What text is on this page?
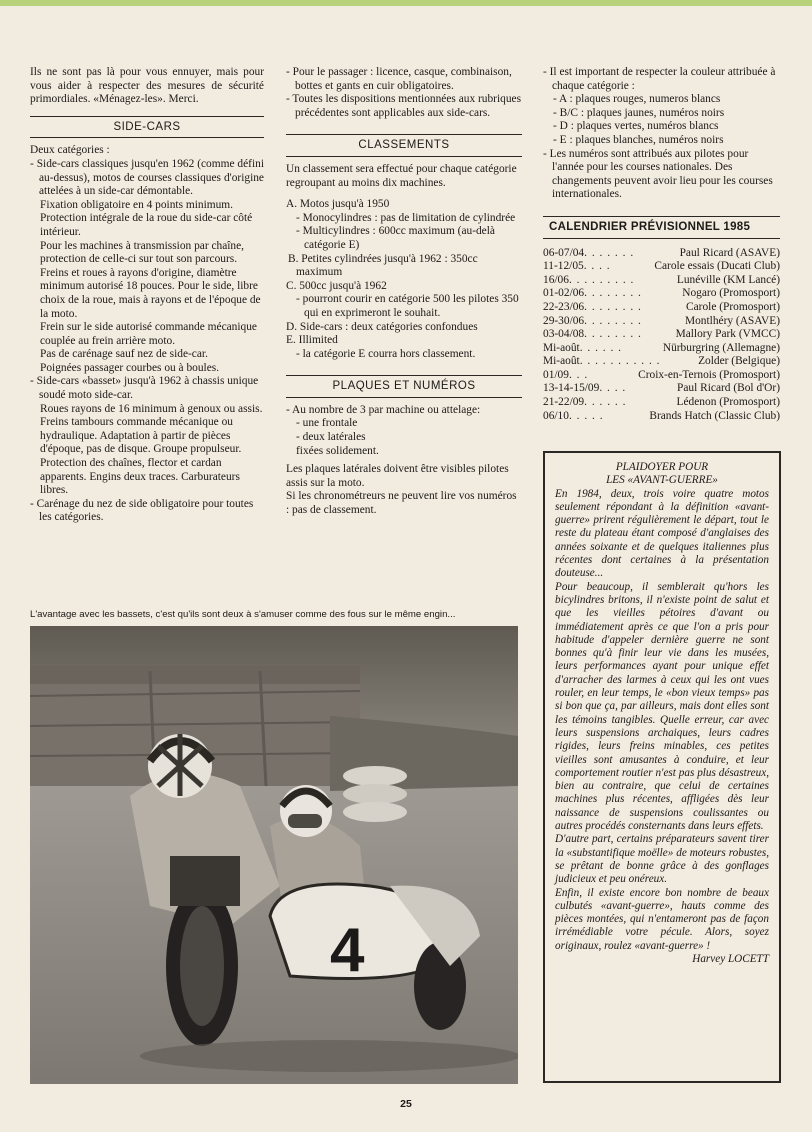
Ils ne sont pas là pour vous ennuyer, mais pour vous aider à respecter des mesures de sécurité primordiales. «Ménagez-les». Merci.

SIDE-CARS

Deux catégories :

- Side-cars classiques jusqu'en 1962 (comme défini au-dessus), motos de courses classiques d'origine attelées à un side-car démontable.

Fixation obligatoire en 4 points minimum.

Protection intégrale de la roue du side-car côté intérieur.

Pour les machines à transmission par chaîne, protection de celle-ci sur tout son parcours.

Freins et roues à rayons d'origine, diamètre minimum autorisé 18 pouces. Pour le side, libre choix de la roue, mais à rayons et de l'époque de la moto.

Frein sur le side autorisé commande mécanique couplée au frein arrière moto.

Pas de carénage sauf nez de side-car.

Poignées passager courbes ou à boules.

- Side-cars «basset» jusqu'à 1962 à chassis unique soudé moto side-car.

Roues rayons de 16 minimum à genoux ou assis.

Freins tambours commande mécanique ou hydraulique. Adaptation à partir de pièces d'époque, pas de disque. Groupe propulseur. Protection des chaînes, flector et cardan apparents. Engins deux traces. Carburateurs libres.

- Carénage du nez de side obligatoire pour toutes les catégories.

- Pour le passager : licence, casque, combinaison, bottes et gants en cuir obligatoires.

- Toutes les dispositions mentionnées aux rubriques précédentes sont applicables aux side-cars.

CLASSEMENTS

Un classement sera effectué pour chaque catégorie regroupant au moins dix machines.

A. Motos jusqu'à 1950

- Monocylindres : pas de limitation de cylindrée

- Multicylindres : 600cc maximum (au-delà catégorie E)

B. Petites cylindrées jusqu'à 1962 : 350cc maximum

C. 500cc jusqu'à 1962

- pourront courir en catégorie 500 les pilotes 350 qui en exprimeront le souhait.

D. Side-cars : deux catégories confondues

E. Illimited

- la catégorie E courra hors classement.

PLAQUES ET NUMÉROS

- Au nombre de 3 par machine ou attelage:

- une frontale

- deux latérales

fixées solidement.

Les plaques latérales doivent être visibles pilotes assis sur la moto.

Si les chronométreurs ne peuvent lire vos numéros : pas de classement.

- Il est important de respecter la couleur attribuée à chaque catégorie :

- A : plaques rouges, numeros blancs

- B/C : plaques jaunes, numéros noirs

- D : plaques vertes, numéros blancs

- E : plaques blanches, numéros noirs

- Les numéros sont attribués aux pilotes pour l'année pour les courses nationales. Des changements peuvent avoir lieu pour les courses internationales.

CALENDRIER PRÉVISIONNEL 1985
06-07/04 . . . . . . .	Paul Ricard (ASAVE)
11-12/05 . . . .	Carole essais (Ducati Club)
16/06 . . . . . . . . .	Lunéville (KM Lancé)
01-02/06 . . . . . . . .	Nogaro (Promosport)
22-23/06 . . . . . . . .	Carole (Promosport)
29-30/06 . . . . . . . .	Montlhéry (ASAVE)
03-04/08 . . . . . . . .	Mallory Park (VMCC)
Mi-août . . . . . .	Nürburgring (Allemagne)
Mi-août . . . . . . . . . . .	Zolder (Belgique)
01/09 . . .	Croix-en-Ternois (Promosport)
13-14-15/09 . . . .	Paul Ricard (Bol d'Or)
21-22/09 . . . . . .	Lédenon (Promosport)
06/10 . . . . .	Brands Hatch (Classic Club)

PLAIDOYER POUR

LES «AVANT-GUERRE»

En 1984, deux, trois voire quatre motos seulement répondant à la définition «avant-guerre» prirent régulièrement le départ, tout le reste du plateau étant composé d'anglaises des années soixante et de quelques italiennes plus récentes dont certaines à la présentation douteuse...

Pour beaucoup, il semblerait qu'hors les bicylindres britons, il n'existe point de salut et que les vieilles pétoires d'avant ou immédiatement après ce que l'on a pris pour habitude d'appeler dernière guerre ne sont bonnes qu'à finir leur vie dans les musées, leurs performances ayant pour unique effet d'arracher des larmes à ceux qui les ont vues rouler, en leur temps, le «bon vieux temps» pas si bon que ça, par ailleurs, mais dont elles sont les témoins tangibles. Quelle erreur, car avec leurs suspensions archaiques, leurs cadres rigides, leurs freins minables, ces petites vieilles sont amusantes à conduire, et leur comportement routier n'est pas plus désastreux, bien au contraire, que celui de certaines machines plus récentes, affligées dès leur naissance de suspensions coulissantes ou autres procédés consternants dans leurs effets.

D'autre part, certains préparateurs savent tirer la «substantifique moëlle» de moteurs robustes, se prêtant de bonne grâce à des gonflages judicieux et peu onéreux.

Enfin, il existe encore bon nombre de beaux culbutés «avant-guerre», hauts comme des pièces montées, qui n'entameront pas de façon irrémédiable votre pécule. Alors, soyez originaux, roulez «avant-guerre» !

Harvey LOCETT

L'avantage avec les bassets, c'est qu'ils sont deux à s'amuser comme des fous sur le même engin...
4
25
